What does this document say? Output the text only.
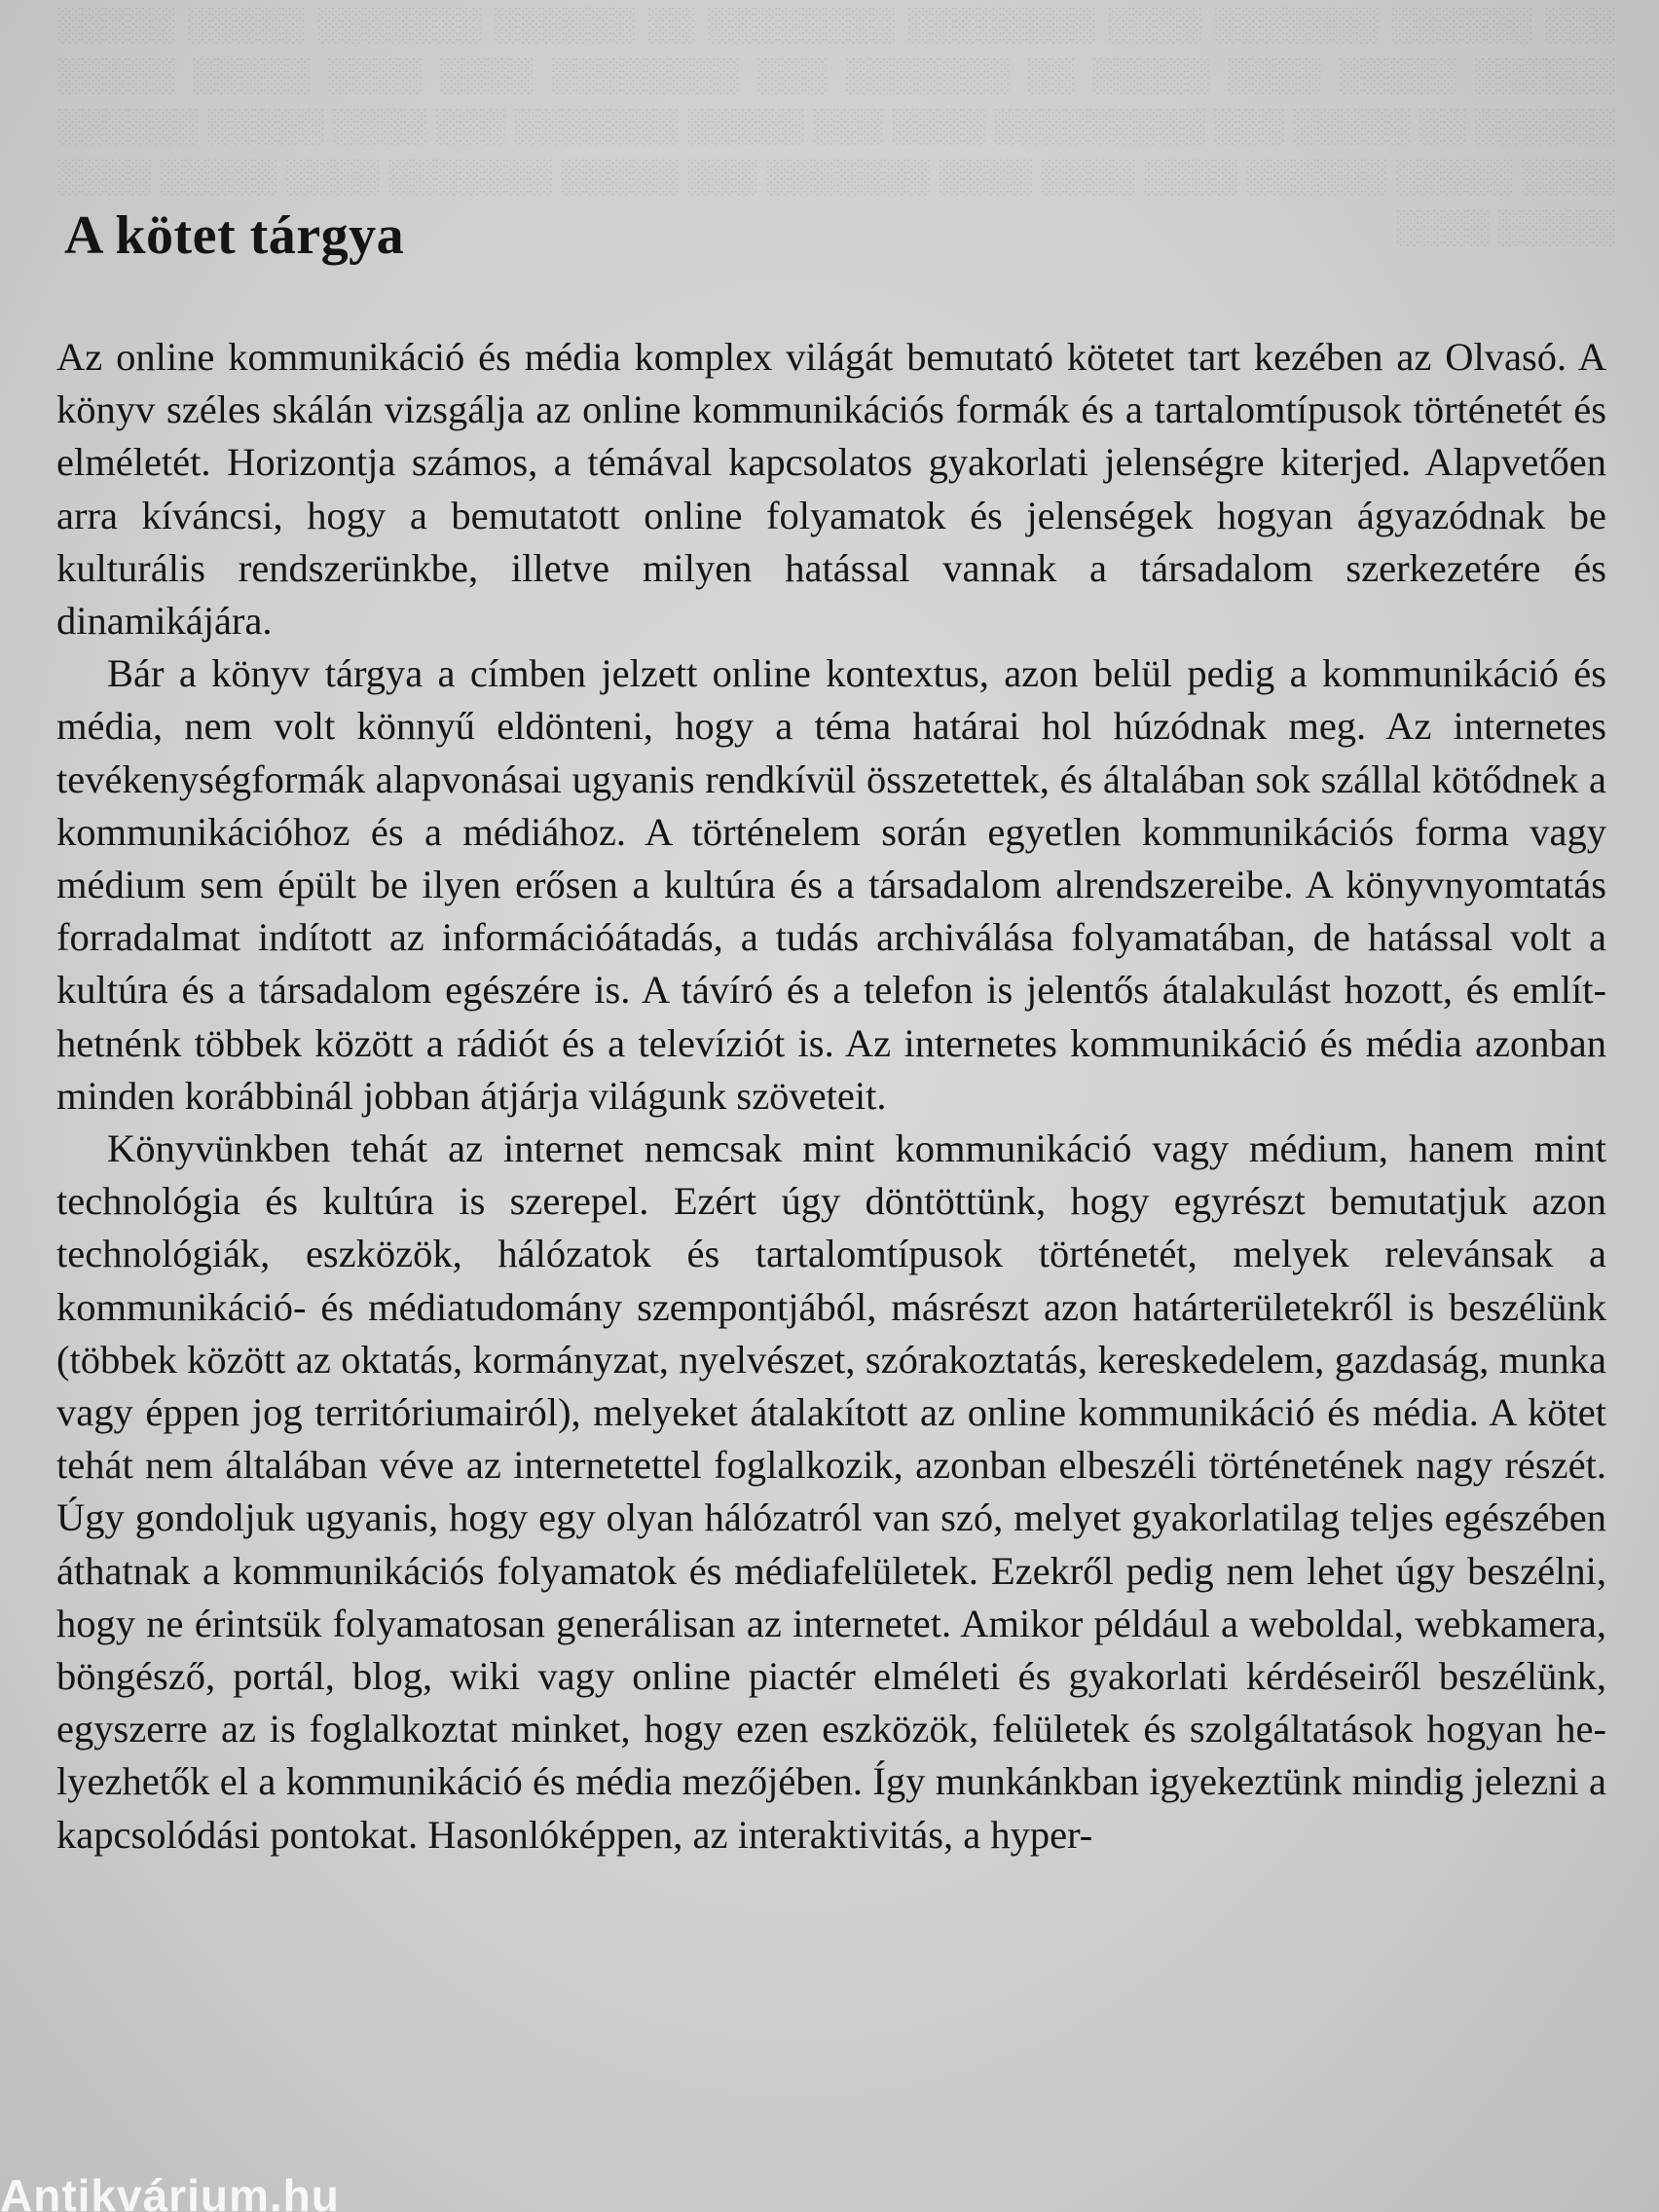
░░░ ░░░░░░ ░░░░░░░ ░░░░ ░░░░░░░░ ░░░░░░░░ ░░ ░░░░░░ ░░░░░░░ ░░░░░ ░░░░░ ░░░░░░ ░░░░░ ░░░░ ░░░░░ ░░ ░░░░░░░ ░░░ ░░░░░░░░ ░░░░ ░░░░ ░░░░░ ░░░░░ ░░░░░░ ░░ ░░░░░ ░░░ ░░░░░░░░░ ░░░░ ░░░ ░░░░░ ░░░░░░░ ░░░ ░░░░ ░░░░░ ░░░░░░ ░░░░ ░░░░░ ░░░░░░ ░░░░ ░░░░ ░░░░ ░░░░░░░ ░░░ ░░░░░ ░░░░░░░ ░░░░ ░░░░░ ░░░░ ░░░░░ ░░░░

A kötet tárgya

Az online kommunikáció és média komplex világát bemutató kötetet tart kezében az Olvasó. A könyv széles skálán vizsgálja az online kommunikációs formák és a tartalomtípusok történetét és elméletét. Horizontja számos, a témával kapcsolatos gyakorlati jelenségre kiterjed. Alapvetően arra kíváncsi, hogy a bemutatott online folyamatok és jelenségek hogyan ágyazódnak be kulturális rendszerünkbe, illetve milyen hatással vannak a társadalom szerkezetére és dinamikájára.

Bár a könyv tárgya a címben jelzett online kontextus, azon belül pedig a kommunikáció és média, nem volt könnyű eldönteni, hogy a téma határai hol húzódnak meg. Az internetes tevékenységformák alapvonásai ugyanis rendkívül összetettek, és általában sok szállal kötődnek a kommunikációhoz és a médiához. A történelem során egyetlen kommunikációs forma vagy médium sem épült be ilyen erősen a kultúra és a társadalom alrendszereibe. A könyvnyomtatás forradalmat indított az információátadás, a tudás archiválása folyamatában, de hatással volt a kultúra és a társadalom egészére is. A távíró és a telefon is jelentős átalakulást hozott, és említhetnénk többek között a rádiót és a televíziót is. Az internetes kommunikáció és média azonban minden korábbinál jobban átjárja világunk szöveteit.

Könyvünkben tehát az internet nemcsak mint kommunikáció vagy médium, hanem mint technológia és kultúra is szerepel. Ezért úgy döntöttünk, hogy egyrészt bemutatjuk azon technológiák, eszközök, hálózatok és tartalomtípusok történetét, melyek relevánsak a kommunikáció- és médiatudomány szempontjából, másrészt azon határterületekről is beszélünk (többek között az oktatás, kormányzat, nyelvészet, szórakoztatás, kereskedelem, gazdaság, munka vagy éppen jog territóriumairól), melyeket átalakított az online kommunikáció és média. A kötet tehát nem általában véve az internetettel foglalkozik, azonban elbeszéli történetének nagy részét. Úgy gondoljuk ugyanis, hogy egy olyan hálózatról van szó, melyet gyakorlatilag teljes egészében áthatnak a kommunikációs folyamatok és médiafelületek. Ezekről pedig nem lehet úgy beszélni, hogy ne érintsük folyamatosan generálisan az internetet. Amikor például a weboldal, webkamera, böngésző, portál, blog, wiki vagy online piactér elméleti és gyakorlati kérdéseiről beszélünk, egyszerre az is foglalkoztat minket, hogy ezen eszközök, felületek és szolgáltatások hogyan helyezhetők el a kommunikáció és média mezőjében. Így munkánkban igyekeztünk mindig jelezni a kapcsolódási pontokat. Hasonlóképpen, az interaktivitás, a hyper-

Antikvárium.hu
